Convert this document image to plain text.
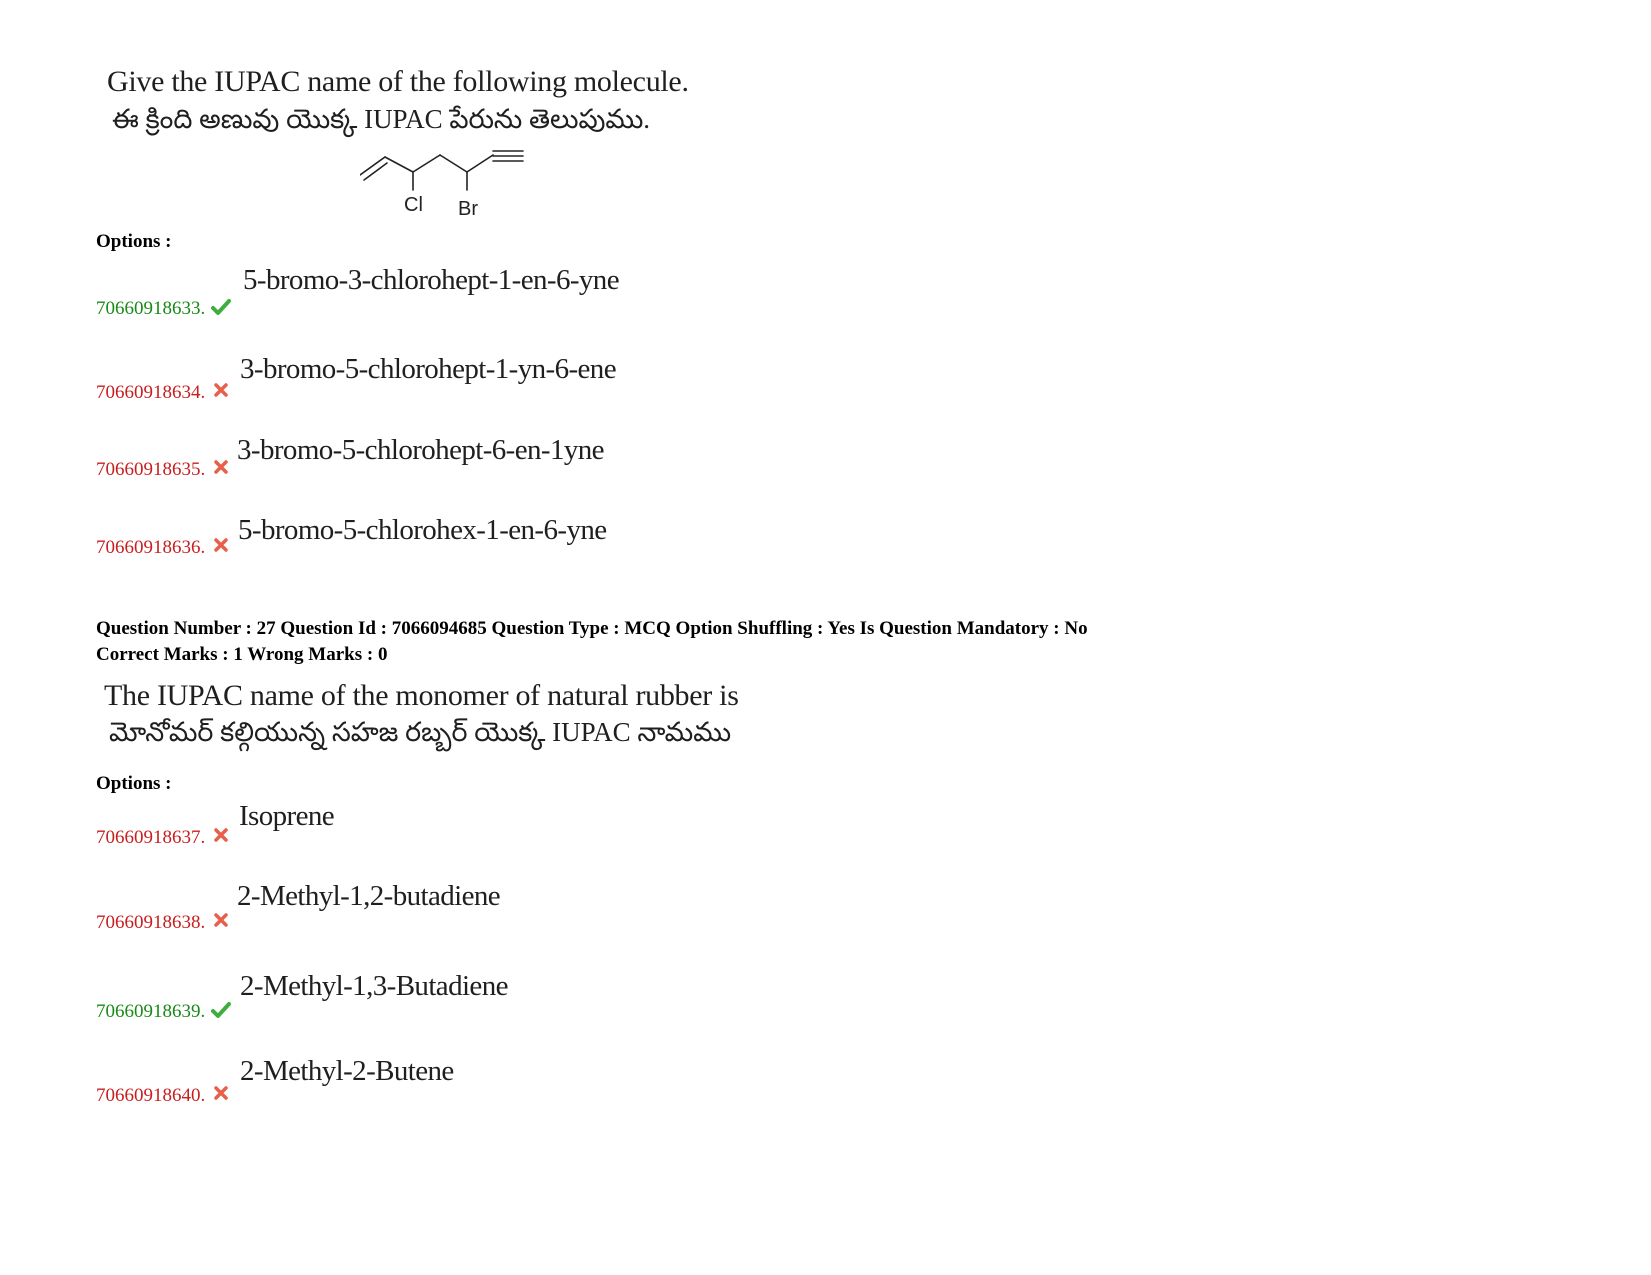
Give the IUPAC name of the following molecule.
ఈ క్రింది అణువు యొక్క IUPAC పేరును తెలుపుము.
Cl Br
Options :
70660918633.
5-bromo-3-chlorohept-1-en-6-yne
70660918634.
3-bromo-5-chlorohept-1-yn-6-ene
70660918635.
3-bromo-5-chlorohept-6-en-1yne
70660918636.
5-bromo-5-chlorohex-1-en-6-yne
Question Number : 27 Question Id : 7066094685 Question Type : MCQ Option Shuffling : Yes Is Question Mandatory : No
Correct Marks : 1 Wrong Marks : 0
The IUPAC name of the monomer of natural rubber is
మోనోమర్ కల్గియున్న సహజ రబ్బర్ యొక్క IUPAC నామము
Options :
70660918637.
Isoprene
70660918638.
2-Methyl-1,2-butadiene
70660918639.
2-Methyl-1,3-Butadiene
70660918640.
2-Methyl-2-Butene
